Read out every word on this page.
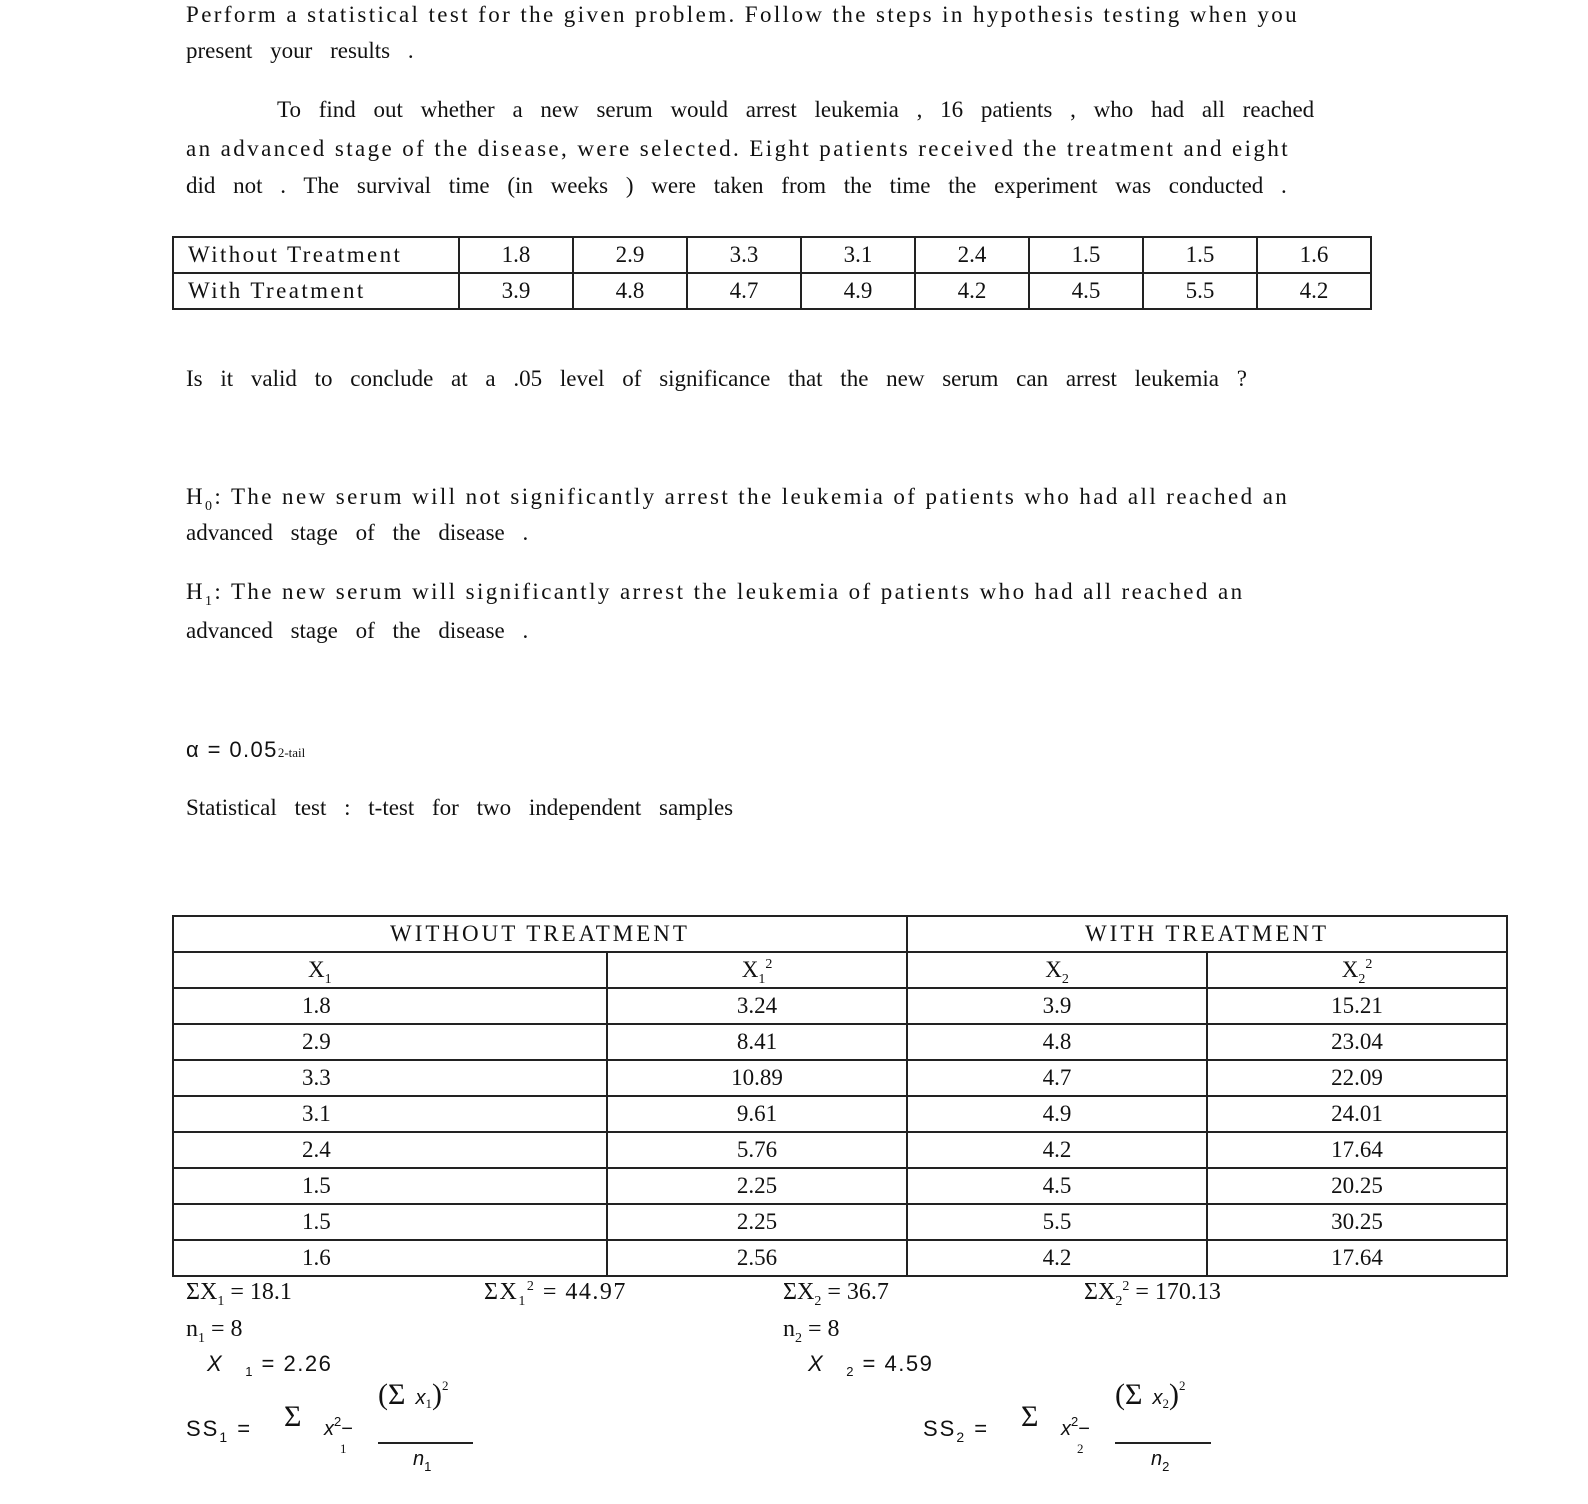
Perform a statistical test for the given problem. Follow the steps in hypothesis testing when you
present your results .
To find out whether a new serum would arrest leukemia , 16 patients , who had all reached
an advanced stage of the disease, were selected. Eight patients received the treatment and eight
did not . The survival time (in weeks ) were taken from the time the experiment was conducted .
Without Treatment	1.8	2.9	3.3	3.1	2.4	1.5	1.5	1.6
With Treatment	3.9	4.8	4.7	4.9	4.2	4.5	5.5	4.2
Is it valid to conclude at a .05 level of significance that the new serum can arrest leukemia ?
$H_0$: The new serum will not significantly arrest the leukemia of patients who had all reached an
advanced stage of the disease .
$H_1$: The new serum will significantly arrest the leukemia of patients who had all reached an
advanced stage of the disease .
α = 0.052-tail
Statistical test : t-test for two independent samples
WITHOUT TREATMENT		WITH TREATMENT	
$X_1$	$X_1^2$	$X_2$	$X_2^2$
1.8	3.24	3.9	15.21
2.9	8.41	4.8	23.04
3.3	10.89	4.7	22.09
3.1	9.61	4.9	24.01
2.4	5.76	4.2	17.64
1.5	2.25	4.5	20.25
1.5	2.25	5.5	30.25
1.6	2.56	4.2	17.64
$\Sigma X_1 = 18.1$	$\Sigma X_1^2 = 44.97$	$\Sigma X_2 = 36.7$	$\Sigma X_2^2 = 170.13$
$n_1 = 8$	$n_2 = 8$
X $_1$ = 2.26	X $_2$ = 4.59
$SS_1 = \Sigma$ $x^2-$
1
(Σ x1)$^2$
$n_1$
$SS_2 = \Sigma$ $x^2-$
2
(Σ x2)$^2$
$n_2$
